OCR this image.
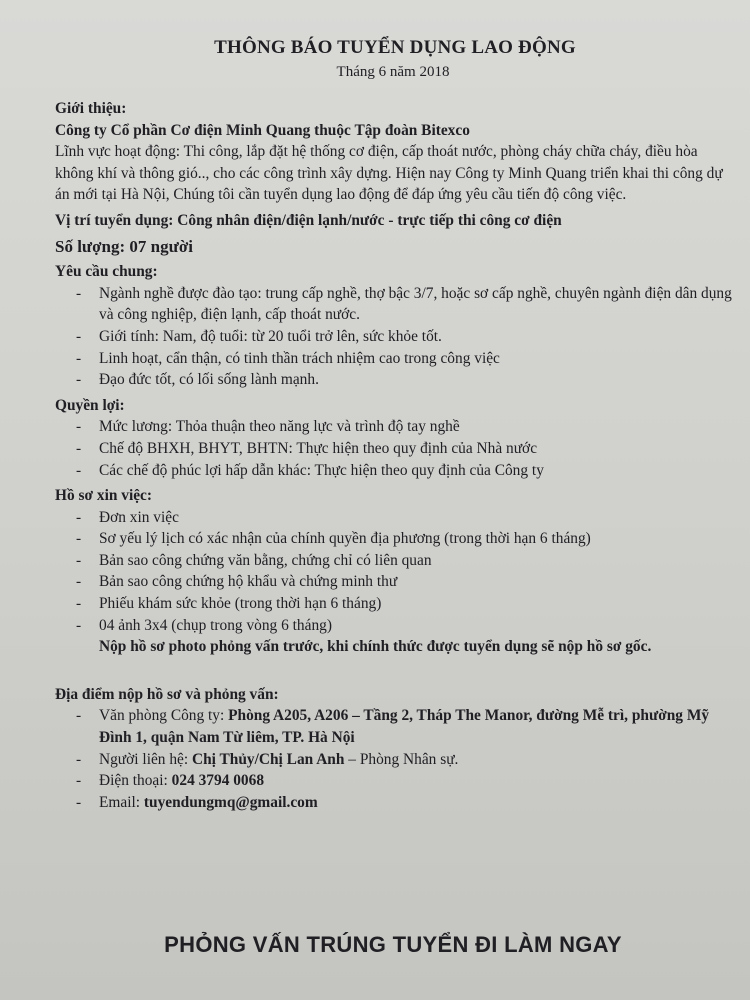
THÔNG BÁO TUYỂN DỤNG LAO ĐỘNG
Tháng 6 năm 2018
Giới thiệu:
Công ty Cổ phần Cơ điện Minh Quang thuộc Tập đoàn Bitexco

Lĩnh vực hoạt động: Thi công, lắp đặt hệ thống cơ điện, cấp thoát nước, phòng cháy chữa cháy, điều hòa không khí và thông gió.., cho các công trình xây dựng. Hiện nay Công ty Minh Quang triển khai thi công dự án mới tại Hà Nội, Chúng tôi cần tuyển dụng lao động để đáp ứng yêu cầu tiến độ công việc.

Vị trí tuyển dụng: Công nhân điện/điện lạnh/nước - trực tiếp thi công cơ điện
Số lượng: 07 người
Yêu cầu chung:
- Ngành nghề được đào tạo: trung cấp nghề, thợ bậc 3/7, hoặc sơ cấp nghề, chuyên ngành điện dân dụng và công nghiệp, điện lạnh, cấp thoát nước.
- Giới tính: Nam, độ tuổi: từ 20 tuổi trở lên, sức khỏe tốt.
- Linh hoạt, cẩn thận, có tinh thần trách nhiệm cao trong công việc
- Đạo đức tốt, có lối sống lành mạnh.
Quyền lợi:
- Mức lương: Thỏa thuận theo năng lực và trình độ tay nghề
- Chế độ BHXH, BHYT, BHTN: Thực hiện theo quy định của Nhà nước
- Các chế độ phúc lợi hấp dẫn khác: Thực hiện theo quy định của Công ty
Hồ sơ xin việc:
- Đơn xin việc
- Sơ yếu lý lịch có xác nhận của chính quyền địa phương (trong thời hạn 6 tháng)
- Bản sao công chứng văn bằng, chứng chỉ có liên quan
- Bản sao công chứng hộ khẩu và chứng minh thư
- Phiếu khám sức khỏe (trong thời hạn 6 tháng)
- 04 ảnh 3x4 (chụp trong vòng 6 tháng)
Nộp hồ sơ photo phỏng vấn trước, khi chính thức được tuyển dụng sẽ nộp hồ sơ gốc.
Địa điểm nộp hồ sơ và phỏng vấn:
- Văn phòng Công ty: Phòng A205, A206 – Tầng 2, Tháp The Manor, đường Mễ trì, phường Mỹ Đình 1, quận Nam Từ liêm, TP. Hà Nội
- Người liên hệ: Chị Thủy/Chị Lan Anh – Phòng Nhân sự.
- Điện thoại: 024 3794 0068
- Email: tuyendungmq@gmail.com
PHỎNG VẤN TRÚNG TUYỂN ĐI LÀM NGAY
